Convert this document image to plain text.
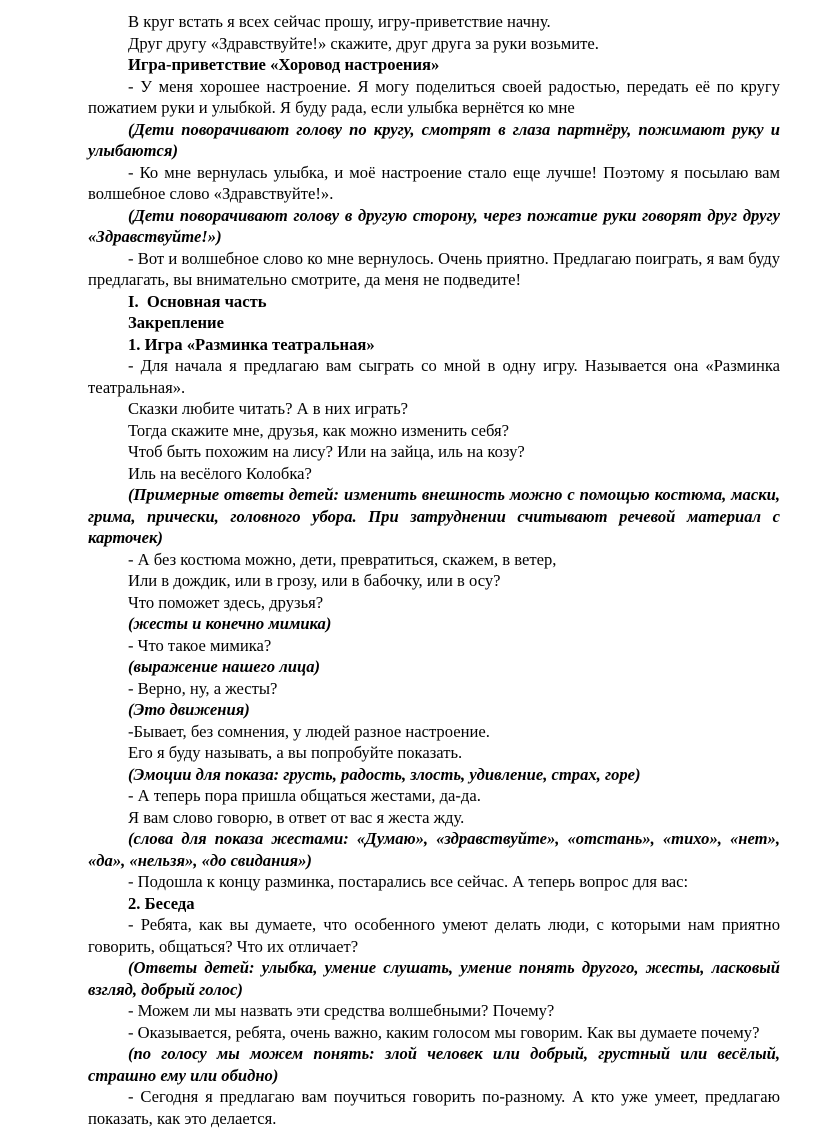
В круг встать я всех сейчас прошу, игру-приветствие начну.

Друг другу «Здравствуйте!» скажите, друг друга за руки возьмите.

Игра-приветствие «Хоровод настроения»

- У меня хорошее настроение. Я могу поделиться своей радостью, передать её по кругу пожатием руки и улыбкой. Я буду рада, если улыбка вернётся ко мне

(Дети поворачивают голову по кругу, смотрят в глаза партнёру, пожимают руку и улыбаются)

- Ко мне вернулась улыбка, и моё настроение стало еще лучше! Поэтому я посылаю вам волшебное слово «Здравствуйте!».

(Дети поворачивают голову в другую сторону, через пожатие руки говорят друг другу «Здравствуйте!»)

- Вот и волшебное слово ко мне вернулось. Очень приятно. Предлагаю поиграть, я вам буду предлагать, вы внимательно смотрите, да меня не подведите!

I.  Основная часть

Закрепление

1. Игра «Разминка театральная»

- Для начала я предлагаю вам сыграть со мной в одну игру. Называется она «Разминка театральная».

Сказки любите читать? А в них играть?

Тогда скажите мне, друзья, как можно изменить себя?

Чтоб быть похожим на лису? Или на зайца, иль на козу?

Иль на весёлого Колобка?

(Примерные ответы детей: изменить внешность можно с помощью костюма, маски, грима, прически, головного убора. При затруднении считывают речевой материал с карточек)

- А без костюма можно, дети, превратиться, скажем, в ветер,

Или в дождик, или в грозу, или в бабочку, или в осу?

Что поможет здесь, друзья?

(жесты и конечно мимика)

- Что такое мимика?

(выражение нашего лица)

- Верно, ну, а жесты?

(Это движения)

-Бывает, без сомнения, у людей разное настроение.

Его я буду называть, а вы попробуйте показать.

(Эмоции для показа: грусть, радость, злость, удивление, страх, горе)

- А теперь пора пришла общаться жестами, да-да.

Я вам слово говорю, в ответ от вас я жеста жду.

(слова для показа жестами: «Думаю», «здравствуйте», «отстань», «тихо», «нет», «да», «нельзя», «до свидания»)

- Подошла к концу разминка, постарались все сейчас. А теперь вопрос для вас:

2. Беседа

- Ребята, как вы думаете, что особенного умеют делать люди, с которыми нам приятно говорить, общаться? Что их отличает?

(Ответы детей: улыбка, умение слушать, умение понять другого, жесты, ласковый взгляд, добрый голос)

- Можем ли мы назвать эти средства волшебными? Почему?

- Оказывается, ребята, очень важно, каким голосом мы говорим. Как вы думаете почему?

(по голосу мы можем понять: злой человек или добрый, грустный или весёлый, страшно ему или обидно)

- Сегодня я предлагаю вам поучиться говорить по-разному. А кто уже умеет, предлагаю показать, как это делается.
